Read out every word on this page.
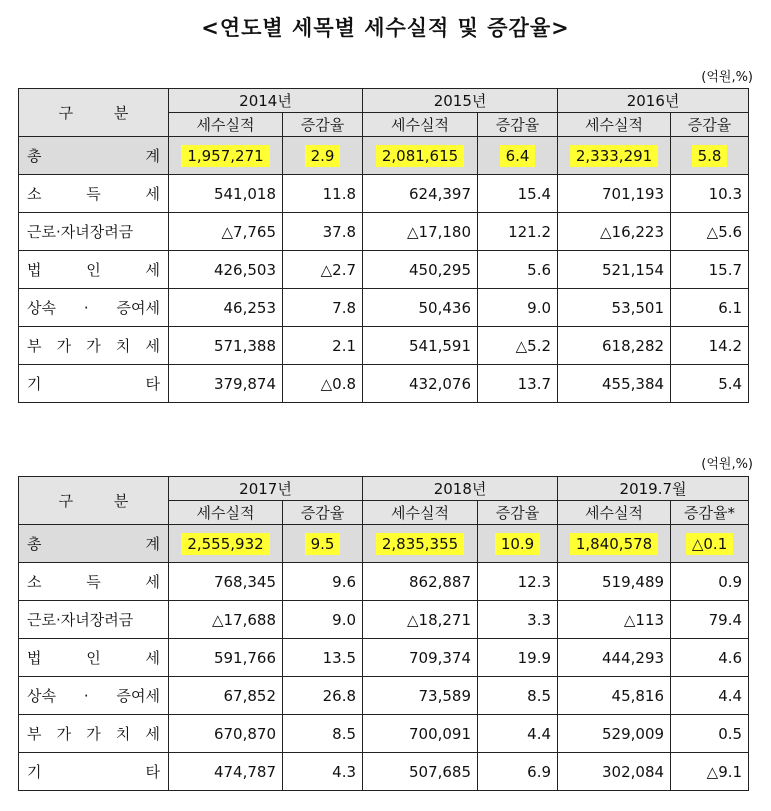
<연도별 세목별 세수실적 및 증감율>
(억원,%)
구 분	2014년		2015년		2016년	
	세수실적	증감율	세수실적	증감율	세수실적	증감율
총 계	1,957,271	2.9	2,081,615	6.4	2,333,291	5.8
소 득 세	541,018	11.8	624,397	15.4	701,193	10.3
근로·자녀장려금	△7,765	37.8	△17,180	121.2	△16,223	△5.6
법 인 세	426,503	△2.7	450,295	5.6	521,154	15.7
상속 · 증여세	46,253	7.8	50,436	9.0	53,501	6.1
부 가 가 치 세	571,388	2.1	541,591	△5.2	618,282	14.2
기 타	379,874	△0.8	432,076	13.7	455,384	5.4
(억원,%)
구 분	2017년		2018년		2019.7월	
	세수실적	증감율	세수실적	증감율	세수실적	증감율*
총 계	2,555,932	9.5	2,835,355	10.9	1,840,578	△0.1
소 득 세	768,345	9.6	862,887	12.3	519,489	0.9
근로·자녀장려금	△17,688	9.0	△18,271	3.3	△113	79.4
법 인 세	591,766	13.5	709,374	19.9	444,293	4.6
상속 · 증여세	67,852	26.8	73,589	8.5	45,816	4.4
부 가 가 치 세	670,870	8.5	700,091	4.4	529,009	0.5
기 타	474,787	4.3	507,685	6.9	302,084	△9.1
